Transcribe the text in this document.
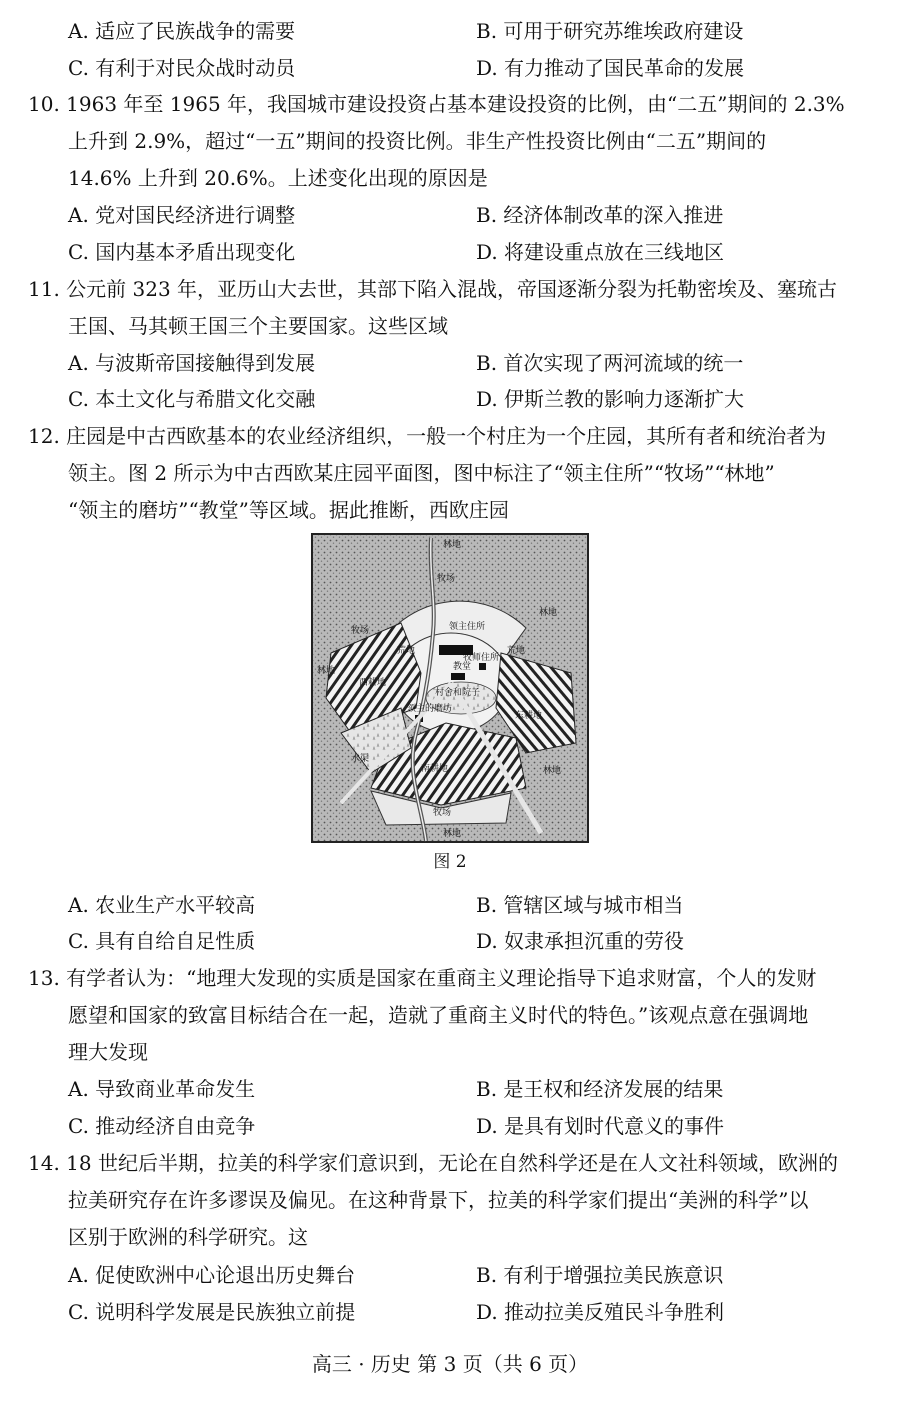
A. 适应了民族战争的需要	B. 可用于研究苏维埃政府建设
C. 有利于对民众战时动员	D. 有力推动了国民革命的发展
10. 1963 年至 1965 年，我国城市建设投资占基本建设投资的比例，由“二五”期间的 2.3%
上升到 2.9%，超过“一五”期间的投资比例。非生产性投资比例由“二五”期间的
14.6% 上升到 20.6%。上述变化出现的原因是
A. 党对国民经济进行调整	B. 经济体制改革的深入推进
C. 国内基本矛盾出现变化	D. 将建设重点放在三线地区
11. 公元前 323 年，亚历山大去世，其部下陷入混战，帝国逐渐分裂为托勒密埃及、塞琉古
王国、马其顿王国三个主要国家。这些区域
A. 与波斯帝国接触得到发展	B. 首次实现了两河流域的统一
C. 本土文化与希腊文化交融	D. 伊斯兰教的影响力逐渐扩大
12. 庄园是中古西欧基本的农业经济组织，一般一个村庄为一个庄园，其所有者和统治者为
领主。图 2 所示为中古西欧某庄园平面图，图中标注了“领主住所”“牧场”“林地”
“领主的磨坊”“教堂”等区域。据此推断，西欧庄园
林地
牧场
林地
领主住所
牧师住所
教堂
牧场
荒地	荒地
西耕地
东耕地
村舍和院子
领主的磨坊
水渠
南耕地
牧场
林地
林地
林地
图 2
A. 农业生产水平较高	B. 管辖区域与城市相当
C. 具有自给自足性质	D. 奴隶承担沉重的劳役
13. 有学者认为：“地理大发现的实质是国家在重商主义理论指导下追求财富，个人的发财
愿望和国家的致富目标结合在一起，造就了重商主义时代的特色。”该观点意在强调地
理大发现
A. 导致商业革命发生	B. 是王权和经济发展的结果
C. 推动经济自由竞争	D. 是具有划时代意义的事件
14. 18 世纪后半期，拉美的科学家们意识到，无论在自然科学还是在人文社科领域，欧洲的
拉美研究存在许多谬误及偏见。在这种背景下，拉美的科学家们提出“美洲的科学”以
区别于欧洲的科学研究。这
A. 促使欧洲中心论退出历史舞台	B. 有利于增强拉美民族意识
C. 说明科学发展是民族独立前提	D. 推动拉美反殖民斗争胜利
高三 · 历史 第 3 页（共 6 页）
